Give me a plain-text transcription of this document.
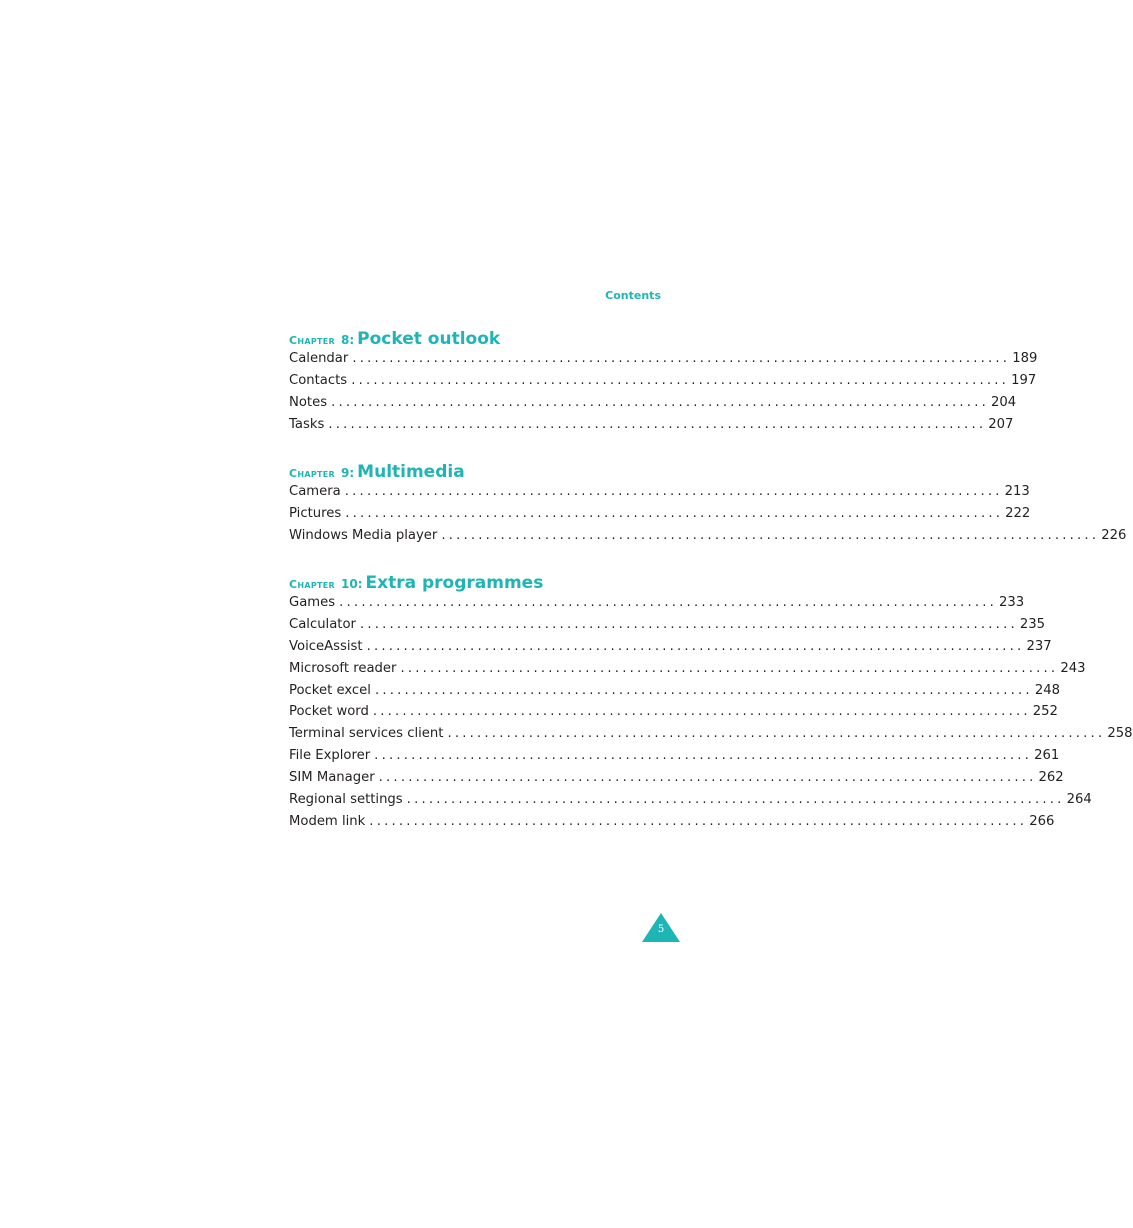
Contents
Chapter 8: Pocket outlook
Calendar ......................................................................................... 189
Contacts ......................................................................................... 197
Notes ......................................................................................... 204
Tasks ......................................................................................... 207
Chapter 9: Multimedia
Camera ......................................................................................... 213
Pictures ......................................................................................... 222
Windows Media player ......................................................................................... 226
Chapter 10: Extra programmes
Games ......................................................................................... 233
Calculator ......................................................................................... 235
VoiceAssist ......................................................................................... 237
Microsoft reader ......................................................................................... 243
Pocket excel ......................................................................................... 248
Pocket word ......................................................................................... 252
Terminal services client ......................................................................................... 258
File Explorer ......................................................................................... 261
SIM Manager ......................................................................................... 262
Regional settings ......................................................................................... 264
Modem link ......................................................................................... 266
5
